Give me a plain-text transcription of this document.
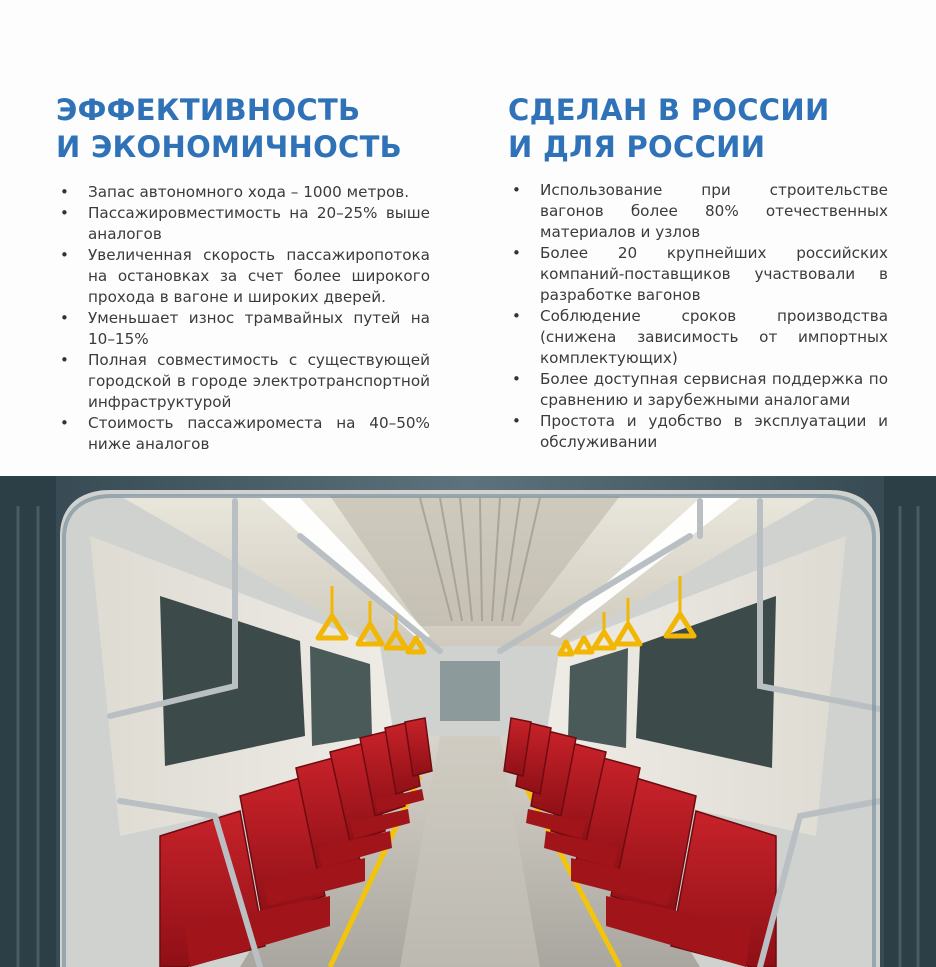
ЭФФЕКТИВНОСТЬ
И ЭКОНОМИЧНОСТЬ
• Запас автономного хода – 1000 метров.
• Пассажировместимость на 20–25% выше аналогов
• Увеличенная скорость пассажиропотока на остановках за счет более широкого прохода в вагоне и широких дверей.
• Уменьшает износ трамвайных путей на 10–15%
• Полная совместимость с существующей городской в городе электротранспортной инфраструктурой
• Стоимость пассажироместа на 40–50% ниже аналогов
СДЕЛАН В РОССИИ
И ДЛЯ РОССИИ
• Использование при строительстве вагонов более 80% отечественных материалов и узлов
• Более 20 крупнейших российских компаний-поставщиков участвовали в разработке вагонов
• Соблюдение сроков производства (снижена зависимость от импортных комплектующих)
• Более доступная сервисная поддержка по сравнению и зарубежными аналогами
• Простота и удобство в эксплуатации и обслуживании
